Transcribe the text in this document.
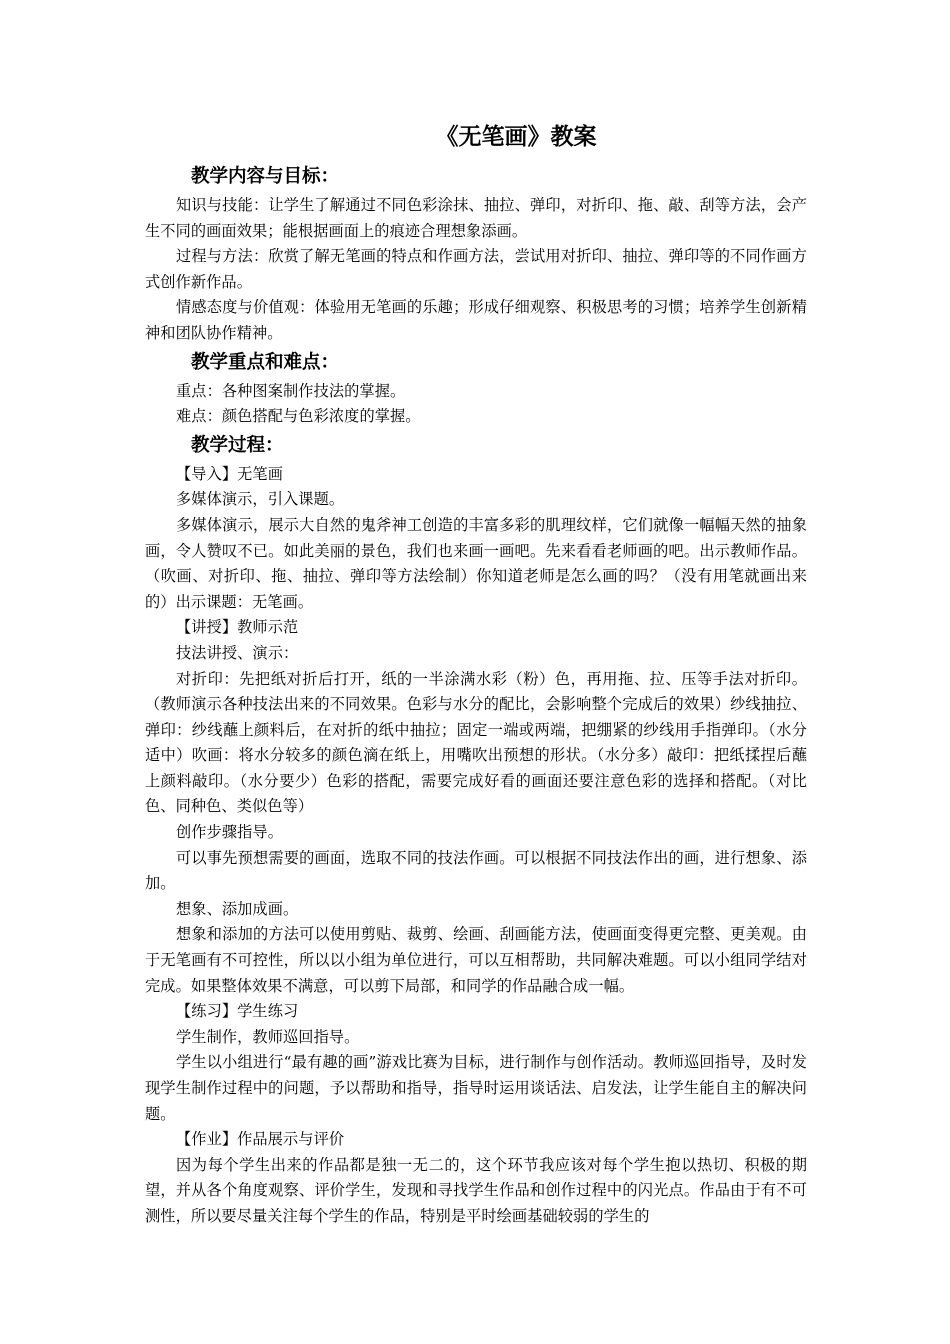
《无笔画》教案

教学内容与目标：

知识与技能：让学生了解通过不同色彩涂抹、抽拉、弹印，对折印、拖、敲、刮等方法，会产生不同的画面效果；能根据画面上的痕迹合理想象添画。

过程与方法：欣赏了解无笔画的特点和作画方法，尝试用对折印、抽拉、弹印等的不同作画方式创作新作品。

情感态度与价值观：体验用无笔画的乐趣；形成仔细观察、积极思考的习惯；培养学生创新精神和团队协作精神。

教学重点和难点：

重点：各种图案制作技法的掌握。

难点：颜色搭配与色彩浓度的掌握。

教学过程：

【导入】无笔画

多媒体演示，引入课题。

多媒体演示，展示大自然的鬼斧神工创造的丰富多彩的肌理纹样，它们就像一幅幅天然的抽象画，令人赞叹不已。如此美丽的景色，我们也来画一画吧。先来看看老师画的吧。出示教师作品。（吹画、对折印、拖、抽拉、弹印等方法绘制）你知道老师是怎么画的吗？（没有用笔就画出来的）出示课题：无笔画。

【讲授】教师示范

技法讲授、演示：

对折印：先把纸对折后打开，纸的一半涂满水彩（粉）色，再用拖、拉、压等手法对折印。（教师演示各种技法出来的不同效果。色彩与水分的配比，会影响整个完成后的效果）纱线抽拉、弹印：纱线蘸上颜料后，在对折的纸中抽拉；固定一端或两端，把绷紧的纱线用手指弹印。（水分适中）吹画：将水分较多的颜色滴在纸上，用嘴吹出预想的形状。（水分多）敲印：把纸揉捏后蘸上颜料敲印。（水分要少）色彩的搭配，需要完成好看的画面还要注意色彩的选择和搭配。（对比色、同种色、类似色等）

创作步骤指导。

可以事先预想需要的画面，选取不同的技法作画。可以根据不同技法作出的画，进行想象、添加。

想象、添加成画。

想象和添加的方法可以使用剪贴、裁剪、绘画、刮画能方法，使画面变得更完整、更美观。由于无笔画有不可控性，所以以小组为单位进行，可以互相帮助，共同解决难题。可以小组同学结对完成。如果整体效果不满意，可以剪下局部，和同学的作品融合成一幅。

【练习】学生练习

学生制作，教师巡回指导。

学生以小组进行“最有趣的画”游戏比赛为目标，进行制作与创作活动。教师巡回指导，及时发现学生制作过程中的问题，予以帮助和指导，指导时运用谈话法、启发法，让学生能自主的解决问题。

【作业】作品展示与评价

因为每个学生出来的作品都是独一无二的，这个环节我应该对每个学生抱以热切、积极的期望，并从各个角度观察、评价学生，发现和寻找学生作品和创作过程中的闪光点。作品由于有不可测性，所以要尽量关注每个学生的作品，特别是平时绘画基础较弱的学生的
